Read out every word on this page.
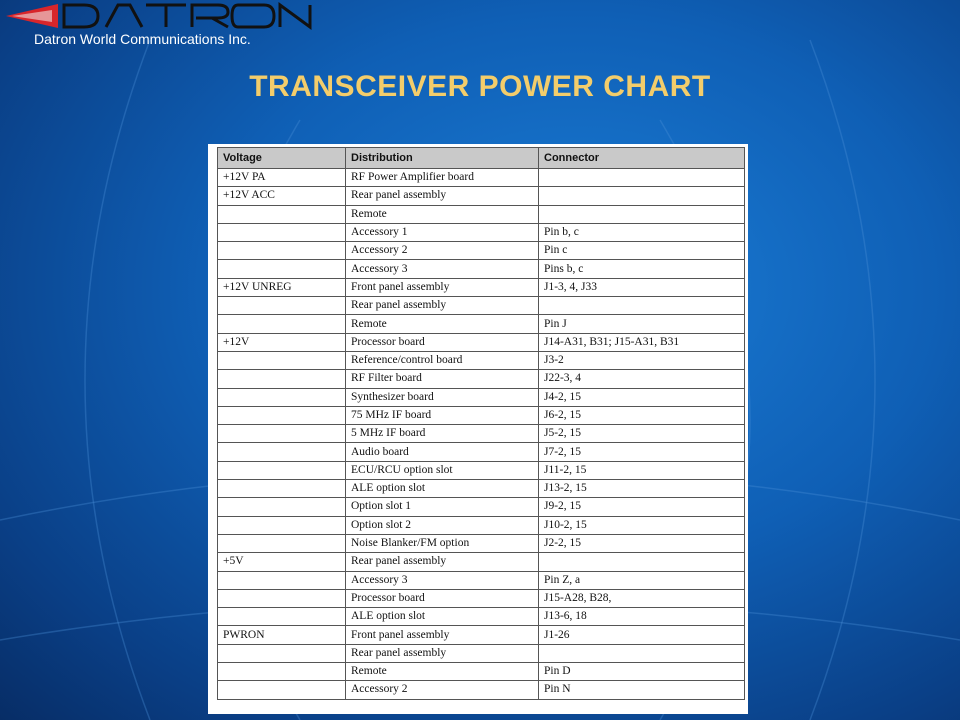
Datron World Communications Inc.
TRANSCEIVER POWER CHART
Voltage	Distribution	Connector
+12V PA	RF Power Amplifier board	
+12V ACC	Rear panel assembly	
	Remote	
	Accessory 1	Pin b, c
	Accessory 2	Pin c
	Accessory 3	Pins b, c
+12V UNREG	Front panel assembly	J1-3, 4, J33
	Rear panel assembly	
	Remote	Pin J
+12V	Processor board	J14-A31, B31; J15-A31, B31
	Reference/control board	J3-2
	RF Filter board	J22-3, 4
	Synthesizer board	J4-2, 15
	75 MHz IF board	J6-2, 15
	5 MHz IF board	J5-2, 15
	Audio board	J7-2, 15
	ECU/RCU option slot	J11-2, 15
	ALE option slot	J13-2, 15
	Option slot 1	J9-2, 15
	Option slot 2	J10-2, 15
	Noise Blanker/FM option	J2-2, 15
+5V	Rear panel assembly	
	Accessory 3	Pin Z, a
	Processor board	J15-A28, B28,
	ALE option slot	J13-6, 18
PWRON	Front panel assembly	J1-26
	Rear panel assembly	
	Remote	Pin D
	Accessory 2	Pin N
